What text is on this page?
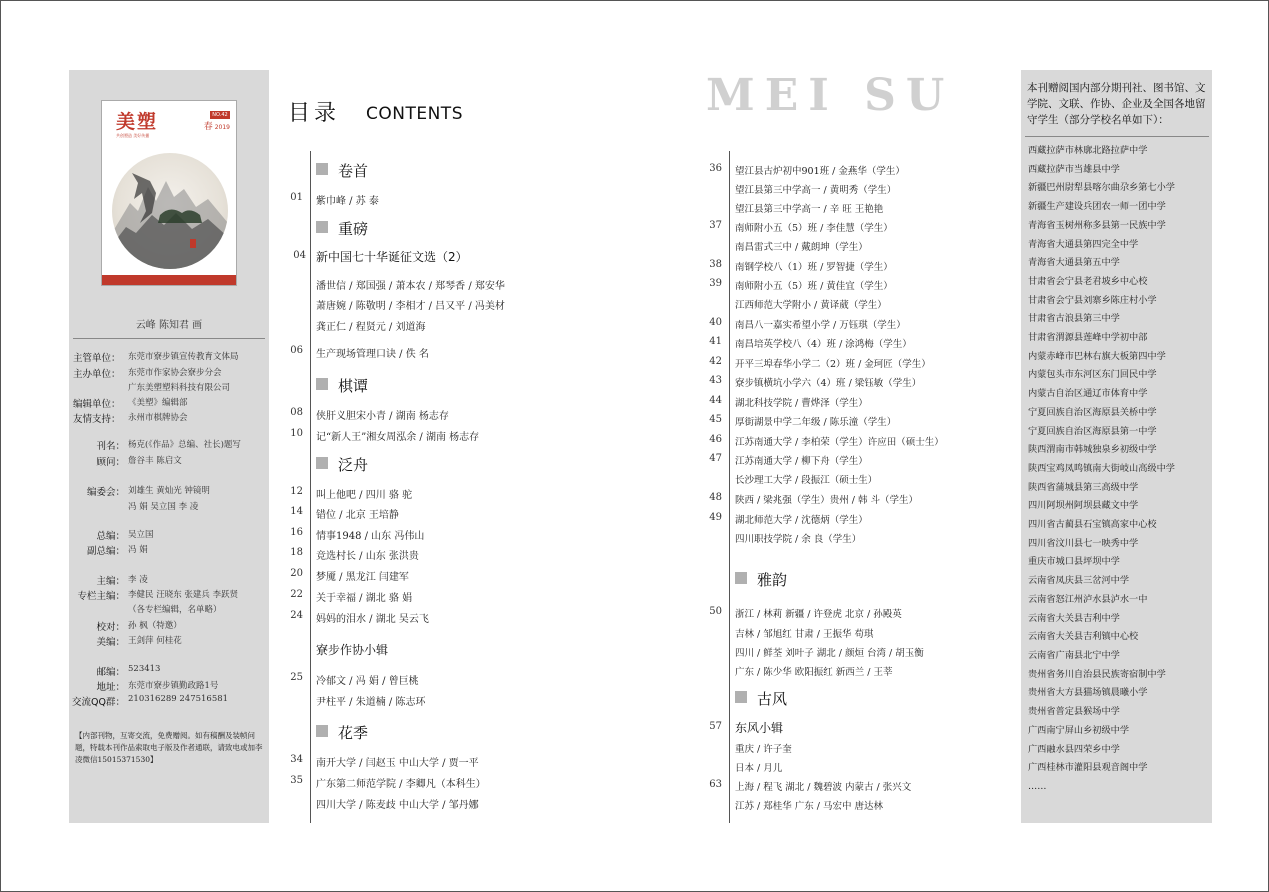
美塑
共创塑造 美好传播
NO.42
春 2019
云峰 陈知君 画
主管单位： 东莞市寮步镇宣传教育文体局
主办单位： 东莞市作家协会寮步分会
广东美塑塑料科技有限公司
编辑单位： 《美塑》编辑部
友情支持： 永州市棋牌协会
刊名： 杨克(《作品》总编、社长)题写
顾问： 詹谷丰 陈启文
编委会： 刘雄生 黄灿光 钟镜明
冯 娟 吴立国 李 凌
总编： 吴立国
副总编： 冯 娟
主编： 李 凌
专栏主编： 李健民 汪晓东 张建兵 李跃贤
（各专栏编辑，名单略）
校对： 孙 枫（特邀）
美编： 王剑萍 何桂花
邮编： 523413
地址： 东莞市寮步镇勤政路1号
交流QQ群： 210316289 247516581
【内部刊物，互寄交流，免费赠阅。如有稿酬及装帧问题，特载本刊作品索取电子版及作者通联，请致电或加李凌微信15015371530】
目录 CONTENTS	MEI SU
卷首
01 紫巾峰 / 苏 泰
重磅
04 新中国七十华诞征文选（2）
潘世信 / 郑国强 / 萧本农 / 郑琴香 / 郑安华
萧唐婉 / 陈敬明 / 李相才 / 吕又平 / 冯美材
龚正仁 / 程贤元 / 刘道海
06 生产现场管理口诀 / 佚 名
棋谭
08 侠肝义胆宋小青 / 湖南 杨志存
10 记“新人王”湘女周泓余 / 湖南 杨志存
泛舟
12 叫上他吧 / 四川 骆 驼
14 错位 / 北京 王培静
16 情事1948 / 山东 冯伟山
18 竞选村长 / 山东 张洪贵
20 梦魇 / 黑龙江 闫建军
22 关于幸福 / 湖北 骆 娟
24 妈妈的泪水 / 湖北 吴云飞
寮步作协小辑
25 冷郁文 / 冯 娟 / 曾巨桃
尹柱平 / 朱道楠 / 陈志环
花季
34 南开大学 / 闫赵玉 中山大学 / 贾一平
35 广东第二师范学院 / 李卿凡（本科生）
四川大学 / 陈麦歧 中山大学 / 邹丹娜
36 望江县古炉初中901班 / 金燕华（学生）
望江县第三中学高一 / 黄明秀（学生）
望江县第三中学高一 / 辛 旺 王艳艳
37 南师附小五（5）班 / 李佳慧（学生）
南昌雷式三中 / 戴朗坤（学生）
38 南钢学校八（1）班 / 罗智捷（学生）
39 南师附小五（5）班 / 黄佳宜（学生）
江西师范大学附小 / 黄译葳（学生）
40 南昌八一嘉实希望小学 / 万钰琪（学生）
41 南昌培英学校八（4）班 / 涂鸿梅（学生）
42 开平三埠春华小学二（2）班 / 金珂匠（学生）
43 寮步镇横坑小学六（4）班 / 梁钰敏（学生）
44 湖北科技学院 / 曹烨泽（学生）
45 厚街湖景中学二年级 / 陈乐潼（学生）
46 江苏南通大学 / 李柏荣（学生）许应田（硕士生）
47 江苏南通大学 / 柳下舟（学生）
长沙理工大学 / 段振江（硕士生）
48 陕西 / 梁兆强（学生）贵州 / 韩 斗（学生）
49 湖北师范大学 / 沈德炳（学生）
四川职技学院 / 余 良（学生）
雅韵
50 浙江 / 林莉 新疆 / 许登虎 北京 / 孙殿英
吉林 / 邹旭红 甘肃 / 王振华 苟琪
四川 / 鲜荃 刘叶子 湖北 / 颜烜 台湾 / 胡玉衡
广东 / 陈少华 欧阳振红 新西兰 / 王莘
古风
57 东风小辑
重庆 / 许子奎
日本 / 月儿
63 上海 / 程飞 湖北 / 魏碧波 内蒙古 / 张兴文
江苏 / 郑桂华 广东 / 马宏中 唐达林
本刊赠阅国内部分期刊社、图书馆、文学院、文联、作协、企业及全国各地留守学生（部分学校名单如下）：
西藏拉萨市林廓北路拉萨中学
西藏拉萨市当雄县中学
新疆巴州尉犁县喀尔曲尕乡第七小学
新疆生产建设兵团农一师一团中学
青海省玉树州称多县第一民族中学
青海省大通县第四完全中学
青海省大通县第五中学
甘肃省会宁县老君坡乡中心校
甘肃省会宁县刘寨乡陈庄村小学
甘肃省古浪县第三中学
甘肃省渭源县莲峰中学初中部
内蒙赤峰市巴林右旗大板第四中学
内蒙包头市东河区东门回民中学
内蒙古自治区通辽市体育中学
宁夏回族自治区海原县关桥中学
宁夏回族自治区海原县第一中学
陕西渭南市韩城独泉乡初级中学
陕西宝鸡凤鸣镇南大街岐山高级中学
陕西省蒲城县第三高级中学
四川阿坝州阿坝县藏文中学
四川省古蔺县石宝镇高家中心校
四川省汶川县七一映秀中学
重庆市城口县坪坝中学
云南省凤庆县三岔河中学
云南省怒江州泸水县泸水一中
云南省大关县吉利中学
云南省大关县吉利镇中心校
云南省广南县北宁中学
贵州省务川自治县民族寄宿制中学
贵州省大方县猫场镇晨曦小学
贵州省普定县猴场中学
广西南宁屏山乡初级中学
广西融水县四荣乡中学
广西桂林市灌阳县观音阁中学
……
